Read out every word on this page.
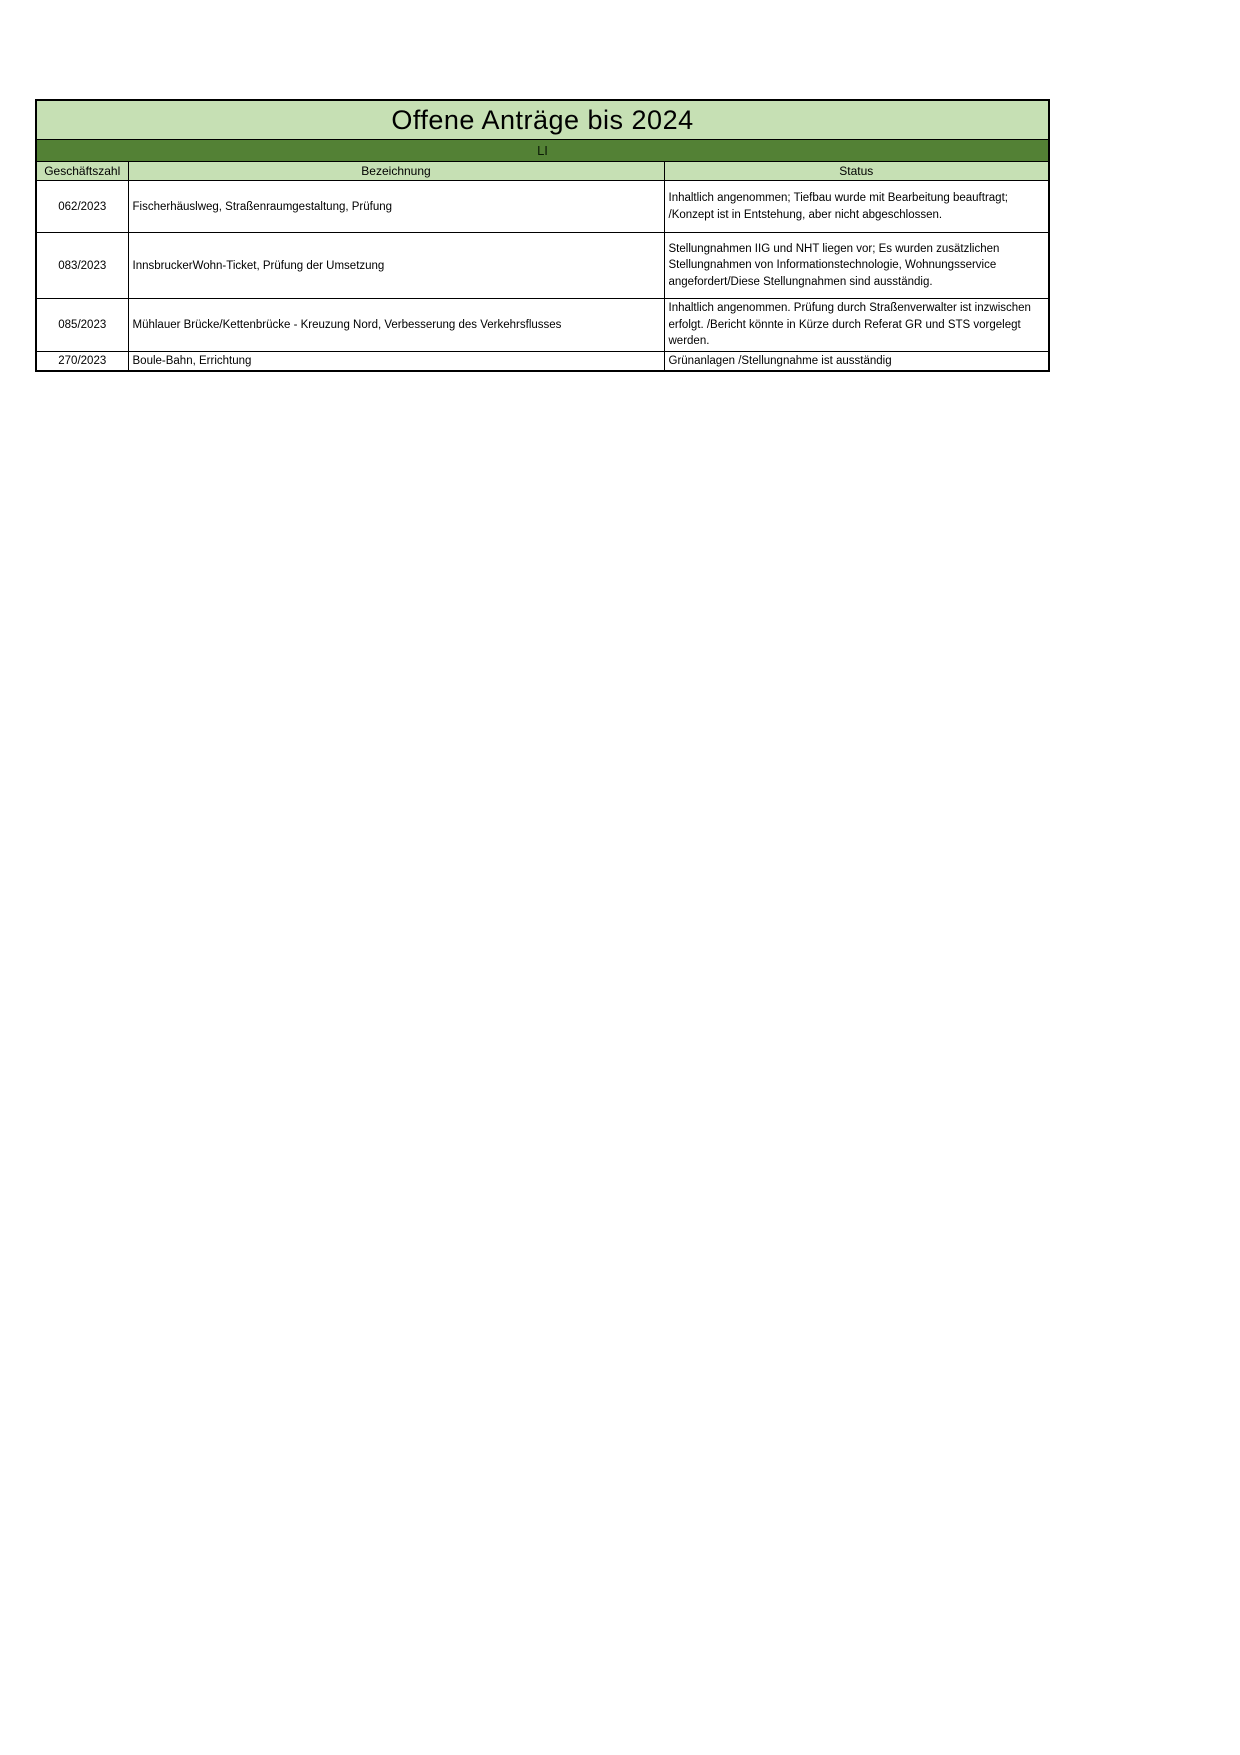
Offene Anträge bis 2024		
LI		
Geschäftszahl	Bezeichnung	Status
062/2023	Fischerhäuslweg, Straßenraumgestaltung, Prüfung	Inhaltlich angenommen; Tiefbau wurde mit Bearbeitung beauftragt; /Konzept ist in Entstehung, aber nicht abgeschlossen.
083/2023	InnsbruckerWohn-Ticket, Prüfung der Umsetzung	Stellungnahmen IIG und NHT liegen vor; Es wurden zusätzlichen Stellungnahmen von Informationstechnologie, Wohnungsservice angefordert/Diese Stellungnahmen sind ausständig.
085/2023	Mühlauer Brücke/Kettenbrücke - Kreuzung Nord, Verbesserung des Verkehrsflusses	Inhaltlich angenommen. Prüfung durch Straßenverwalter ist inzwischen erfolgt. /Bericht könnte in Kürze durch Referat GR und STS vorgelegt werden.
270/2023	Boule-Bahn, Errichtung	Grünanlagen /Stellungnahme ist ausständig
